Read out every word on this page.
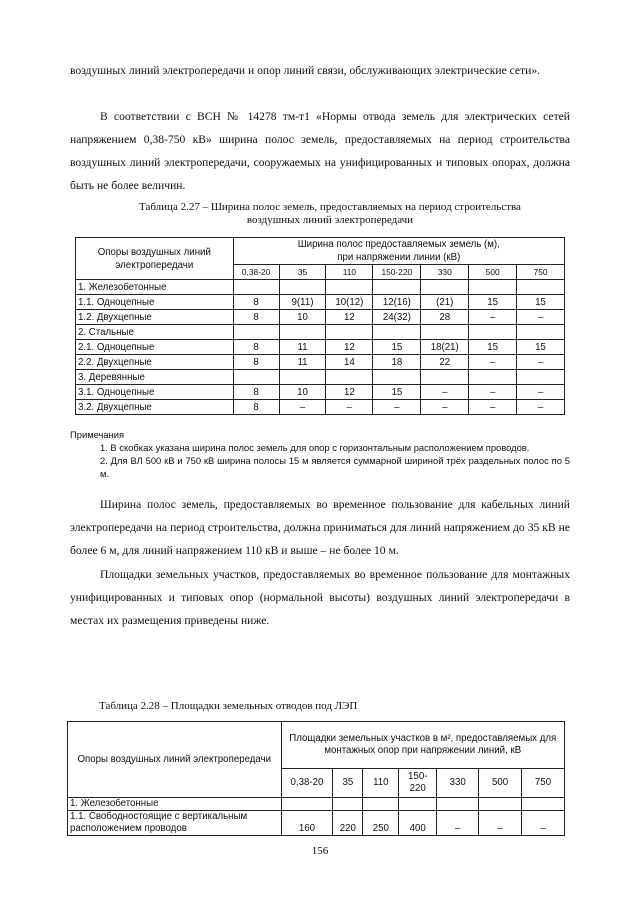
воздушных линий электропередачи и опор линий связи, обслуживающих электрические сети».

В соответствии с ВСН № 14278 тм-т1 «Нормы отвода земель для электрических сетей напряжением 0,38-750 кВ» ширина полос земель, предоставляемых на период строительства воздушных линий электропередачи, сооружаемых на унифицированных и типовых опорах, должна быть не более величин.

Таблица 2.27 – Ширина полос земель, предоставляемых на период строительства
воздушных линий электропередачи

Опоры воздушных линий электропередачи	Ширина полос предоставляемых земель (м),
при напряжении линии (кВ)						
	0,38-20	35	110	150-220	330	500	750
1. Железобетонные							
1.1. Одноцепные	8	9(11)	10(12)	12(16)	(21)	15	15
1.2. Двухцепные	8	10	12	24(32)	28	–	–
2. Стальные							
2.1. Одноцепные	8	11	12	15	18(21)	15	15
2.2. Двухцепные	8	11	14	18	22	–	–
3. Деревянные							
3.1. Одноцепные	8	10	12	15	–	–	–
3.2. Двухцепные	8	–	–	–	–	–	–

Примечания

1. В скобках указана ширина полос земель для опор с горизонтальным расположением проводов.

2. Для ВЛ 500 кВ и 750 кВ ширина полосы 15 м является суммарной шириной трёх раздельных полос по 5 м.

Ширина полос земель, предоставляемых во временное пользование для кабельных линий электропередачи на период строительства, должна приниматься для линий напряжением до 35 кВ не более 6 м, для линий напряжением 110 кВ и выше – не более 10 м.

Площадки земельных участков, предоставляемых во временное пользование для монтажных унифицированных и типовых опор (нормальной высоты) воздушных линий электропередачи в местах их размещения приведены ниже.

Таблица 2.28 – Площадки земельных отводов под ЛЭП

Опоры воздушных линий электропередачи	Площадки земельных участков в м², предоставляемых для монтажных опор при напряжении линий, кВ						
	0,38-20	35	110	150-220	330	500	750
1. Железобетонные							
1.1. Свободностоящие с вертикальным расположением проводов	160	220	250	400	–	–	–
156
